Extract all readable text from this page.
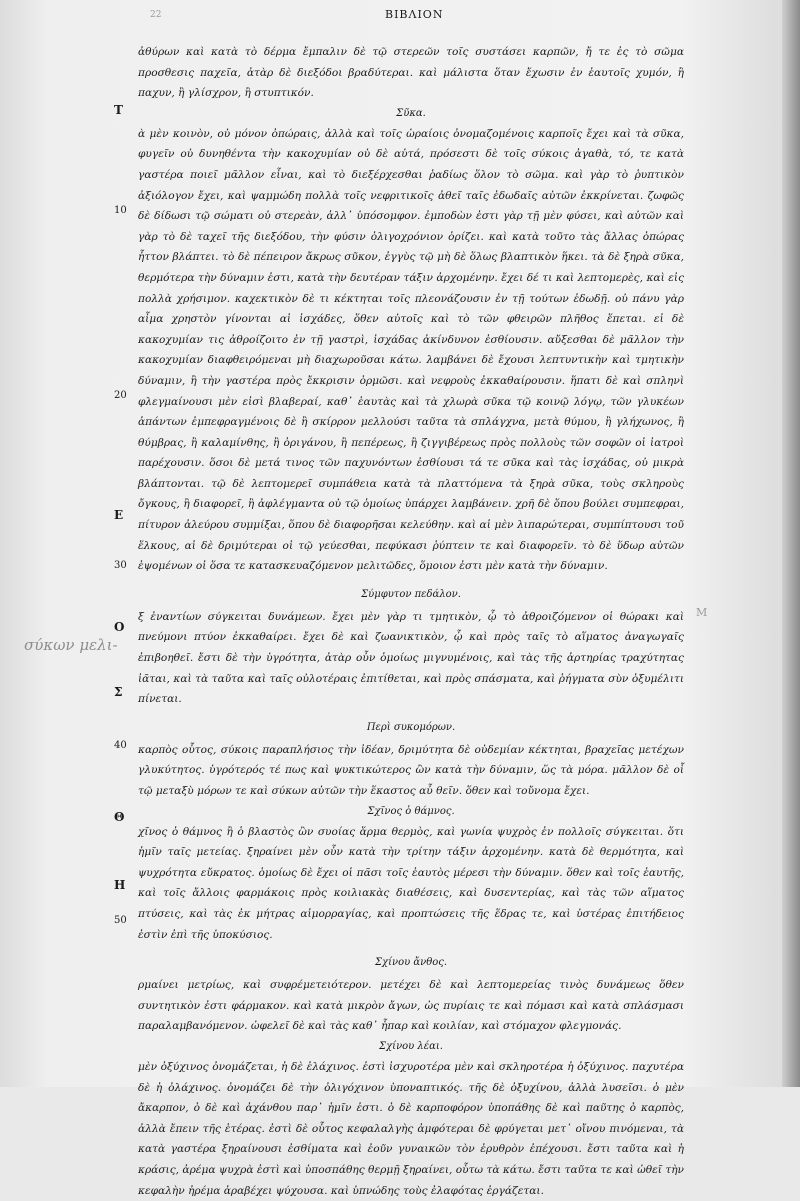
22	ΒΙΒΛΙΟΝ
σύκων μελι-
M
10
20
30
40
50
Τ
Ε
Ο
Σ
Θ
Η

ἀθύρων καὶ κατὰ τὸ δέρμα ἔμπαλιν δὲ τῷ στερεῶν τοῖς συστάσει καρπῶν, ἤ τε ἐς τὸ σῶμα προσθεσις παχεῖα, ἀτὰρ δὲ διεξόδοι βραδύτεραι. καὶ μάλιστα ὅταν ἔχωσιν ἐν ἑαυτοῖς χυμόν, ἢ παχυν, ἢ γλίσχρον, ἢ στυπτικόν.

Σῦκα.

ὰ μὲν κοινὸν, οὐ μόνον ὀπώραις, ἀλλὰ καὶ τοῖς ὡραίοις ὀνομαζομένοις καρποῖς ἔχει καὶ τὰ σῦκα, φυγεῖν οὐ δυνηθέντα τὴν κακοχυμίαν οὐ δὲ αὐτά, πρόσεστι δὲ τοῖς σύκοις ἀγαθὰ, τό, τε κατὰ γαστέρα ποιεῖ μᾶλλον εἶναι, καὶ τὸ διεξέρχεσθαι ῥαδίως ὅλον τὸ σῶμα. καὶ γὰρ τὸ ῥυπτικὸν ἀξιόλογον ἔχει, καὶ ψαμμώδη πολλὰ τοῖς νεφριτικοῖς ἀθεῖ ταῖς ἐδωδαῖς αὐτῶν ἐκκρίνεται. ζωφῶς δὲ δίδωσι τῷ σώματι οὐ στερεὰν, ἀλλ᾽ ὑπόσομφον. ἐμποδὼν ἐστι γὰρ τῇ μὲν φύσει, καὶ αὐτῶν καὶ γὰρ τὸ δὲ ταχεῖ τῆς διεξόδου, τὴν φύσιν ὀλιγοχρόνιον ὁρίζει. καὶ κατὰ τοῦτο τὰς ἄλλας ὀπώρας ἧττον βλάπτει. τὸ δὲ πέπειρον ἄκρως σῦκον, ἐγγὺς τῷ μὴ δὲ ὅλως βλαπτικὸν ἥκει. τὰ δὲ ξηρὰ σῦκα, θερμότερα τὴν δύναμιν ἐστι, κατὰ τὴν δευτέραν τάξιν ἀρχομένην. ἔχει δέ τι καὶ λεπτομερὲς, καὶ εἰς πολλὰ χρήσιμον. καχεκτικὸν δὲ τι κέκτηται τοῖς πλεονάζουσιν ἐν τῇ τούτων ἐδωδῇ. οὐ πάνυ γὰρ αἷμα χρηστὸν γίνονται αἱ ἰσχάδες, ὅθεν αὐτοῖς καὶ τὸ τῶν φθειρῶν πλῆθος ἕπεται. εἰ δὲ κακοχυμίαν τις ἀθροίζοιτο ἐν τῇ γαστρὶ, ἰσχάδας ἀκίνδυνον ἐσθίουσιν. αὔξεσθαι δὲ μᾶλλον τὴν κακοχυμίαν διαφθειρόμεναι μὴ διαχωροῦσαι κάτω. λαμβάνει δὲ ἔχουσι λεπτυντικὴν καὶ τμητικὴν δύναμιν, ἢ τὴν γαστέρα πρὸς ἔκκρισιν ὁρμῶσι. καὶ νεφροὺς ἐκκαθαίρουσιν. ἥπατι δὲ καὶ σπληνὶ φλεγμαίνουσι μὲν εἰσὶ βλαβεραί, καθ᾽ ἑαυτὰς καὶ τὰ χλωρὰ σῦκα τῷ κοινῷ λόγῳ, τῶν γλυκέων ἁπάντων ἐμπεφραγμένοις δὲ ἢ σκίρρον μελλούσι ταῦτα τὰ σπλάγχνα, μετὰ θύμου, ἢ γλήχωνος, ἢ θύμβρας, ἢ καλαμίνθης, ἢ ὀριγάνου, ἢ πεπέρεως, ἢ ζιγγιβέρεως πρὸς πολλοὺς τῶν σοφῶν οἱ ἰατροὶ παρέχουσιν. ὅσοι δὲ μετά τινος τῶν παχυνόντων ἐσθίουσι τά τε σῦκα καὶ τὰς ἰσχάδας, οὐ μικρὰ βλάπτονται. τῷ δὲ λεπτομερεῖ συμπάθεια κατὰ τὰ πλαττόμενα τὰ ξηρὰ σῦκα, τοὺς σκληροὺς ὄγκους, ἢ διαφορεῖ, ἢ ἀφλέγμαντα οὐ τῷ ὁμοίως ὑπάρχει λαμβάνειν. χρῆ δὲ ὅπου βούλει συμπεφραι, πίτυρον ἀλεύρου συμμίξαι, ὅπου δὲ διαφορῆσαι κελεύθην. καὶ αἱ μὲν λιπαρώτεραι, συμπίπτουσι τοῦ ἕλκους, αἱ δὲ δριμύτεραι οἱ τῷ γεύεσθαι, πεφύκασι ῥύπτειν τε καὶ διαφορεῖν. τὸ δὲ ὕδωρ αὐτῶν ἑψομένων οἱ ὅσα τε κατασκευαζόμενον μελιτῶδες, ὅμοιον ἐστι μὲν κατὰ τὴν δύναμιν.

Σύμφυτον πεδάλον.

ξ ἐναντίων σύγκειται δυνάμεων. ἔχει μὲν γὰρ τι τμητικὸν, ᾧ τὸ ἀθροιζόμενον οἱ θώρακι καὶ πνεύμονι πτύον ἐκκαθαίρει. ἔχει δὲ καὶ ζωανικτικὸν, ᾧ καὶ πρὸς ταῖς τὸ αἵματος ἀναγωγαῖς ἐπιβοηθεῖ. ἔστι δὲ τὴν ὑγρότητα, ἀτὰρ οὖν ὁμοίως μιγνυμένοις, καὶ τὰς τῆς ἀρτηρίας τραχύτητας ἰᾶται, καὶ τὰ ταῦτα καὶ ταῖς οὐλοτέραις ἐπιτίθεται, καὶ πρὸς σπάσματα, καὶ ῥήγματα σὺν ὀξυμέλιτι πίνεται.

Περὶ συκομόρων.

καρπὸς οὗτος, σύκοις παραπλήσιος τὴν ἰδέαν, δριμύτητα δὲ οὐδεμίαν κέκτηται, βραχεῖας μετέχων γλυκύτητος. ὑγρότερός τέ πως καὶ ψυκτικώτερος ὢν κατὰ τὴν δύναμιν, ὥς τὰ μόρα. μᾶλλον δὲ οἷ τῷ μεταξὺ μόρων τε καὶ σύκων αὐτῶν τὴν ἕκαστος αὖ θεῖν. ὅθεν καὶ τοὔνομα ἔχει.

Σχῖνος ὁ θάμνος.

χῖνος ὁ θάμνος ἢ ὁ βλαστὸς ὢν συοίας ἅρμα θερμὸς, καὶ γωνία ψυχρὸς ἐν πολλοῖς σύγκειται. ὅτι ἡμῖν ταῖς μετείας. ξηραίνει μὲν οὖν κατὰ τὴν τρίτην τάξιν ἀρχομένην. κατὰ δὲ θερμότητα, καὶ ψυχρότητα εὔκρατος. ὁμοίως δὲ ἔχει οἱ πᾶσι τοῖς ἑαυτὸς μέρεσι τὴν δύναμιν. ὅθεν καὶ τοῖς ἑαυτῆς, καὶ τοῖς ἄλλοις φαρμάκοις πρὸς κοιλιακὰς διαθέσεις, καὶ δυσεντερίας, καὶ τὰς τῶν αἵματος πτύσεις, καὶ τὰς ἐκ μήτρας αἱμορραγίας, καὶ προπτώσεις τῆς ἕδρας τε, καὶ ὑστέρας ἐπιτήδειος ἐστὶν ἐπὶ τῆς ὑποκύσιος.

Σχίνου ἄνθος.

ρμαίνει μετρίως, καὶ συφρέμετειότερον. μετέχει δὲ καὶ λεπτομερείας τινὸς δυνάμεως ὅθεν συντητικὸν ἐστι φάρμακον. καὶ κατὰ μικρὸν ἄγων, ὡς πυρίαις τε καὶ πόμασι καὶ κατὰ σπλάσμασι παραλαμβανόμενον. ὠφελεῖ δὲ καὶ τὰς καθ᾽ ἧπαρ καὶ κοιλίαν, καὶ στόμαχον φλεγμονάς.

Σχίνου λέαι.

μὲν ὀξύχινος ὀνομάζεται, ἡ δὲ ἑλάχινος. ἐστὶ ἰσχυροτέρα μὲν καὶ σκληροτέρα ἡ ὀξύχινος. παχυτέρα δὲ ἡ ὀλάχινος. ὀνομάζει δὲ τὴν ὀλιγόχινον ὑποναπτικός. τῆς δὲ ὀξυχίνου, ἀλλὰ λυσεῖσι. ὁ μὲν ἄκαρπον, ὁ δὲ καὶ ἀχάνθου παρ᾽ ἡμῖν ἐστι. ὁ δὲ καρποφόρον ὑποπάθης δὲ καὶ παῦτης ὁ καρπὸς, ἀλλὰ ἔπειν τῆς ἑτέρας. ἐστὶ δὲ οὗτος κεφαλαλγὴς ἀμφότεραι δὲ φρύγεται μετ᾽ οἴνου πινόμεναι, τὰ κατὰ γαστέρα ξηραίνουσι ἐσθίματα καὶ ἐοῦν γυναικῶν τὸν ἐρυθρὸν ἐπέχουσι. ἔστι ταῦτα καὶ ἡ κράσις, ἀρέμα ψυχρὰ ἐστὶ καὶ ὑποσπάθης θερμῇ ξηραίνει, οὗτω τὰ κάτω. ἔστι ταῦτα τε καὶ ὡθεῖ τὴν κεφαλὴν ἠρέμα ἀραβέχει ψύχουσα. καὶ ὑπνώδης τοὺς ἐλαφότας ἐργάζεται.
